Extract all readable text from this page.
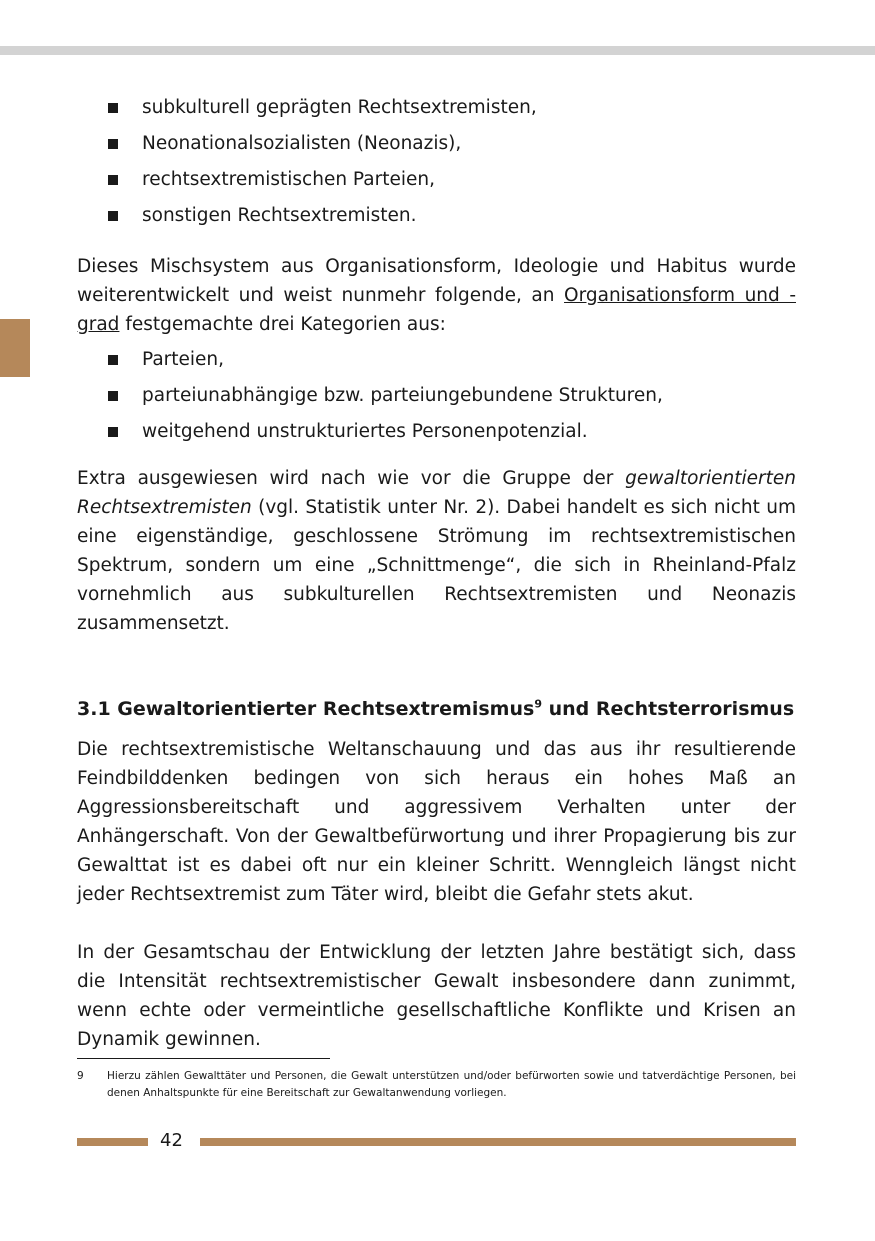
subkulturell geprägten Rechtsextremisten,
Neonationalsozialisten (Neonazis),
rechtsextremistischen Parteien,
sonstigen Rechtsextremisten.

Dieses Mischsystem aus Organisationsform, Ideologie und Habitus wurde weiterentwickelt und weist nunmehr folgende, an Organisationsform und -grad festgemachte drei Kategorien aus:

Parteien,
parteiunabhängige bzw. parteiungebundene Strukturen,
weitgehend unstrukturiertes Personenpotenzial.

Extra ausgewiesen wird nach wie vor die Gruppe der gewaltorientierten Rechtsextremisten (vgl. Statistik unter Nr. 2). Dabei handelt es sich nicht um eine eigenständige, geschlossene Strömung im rechtsextremistischen Spektrum, sondern um eine „Schnittmenge“, die sich in Rheinland-Pfalz vornehmlich aus subkulturellen Rechtsextremisten und Neonazis zusammensetzt.

3.1 Gewaltorientierter Rechtsextremismus$^9$ und Rechtsterrorismus

Die rechtsextremistische Weltanschauung und das aus ihr resultierende Feindbilddenken bedingen von sich heraus ein hohes Maß an Aggressionsbereitschaft und aggressivem Verhalten unter der Anhängerschaft. Von der Gewaltbefürwortung und ihrer Propagierung bis zur Gewalttat ist es dabei oft nur ein kleiner Schritt. Wenngleich längst nicht jeder Rechtsextremist zum Täter wird, bleibt die Gefahr stets akut.

In der Gesamtschau der Entwicklung der letzten Jahre bestätigt sich, dass die Intensität rechtsextremistischer Gewalt insbesondere dann zunimmt, wenn echte oder vermeintliche gesellschaftliche Konflikte und Krisen an Dynamik gewinnen.

9 Hierzu zählen Gewalttäter und Personen, die Gewalt unterstützen und/oder befürworten sowie und tatverdächtige Personen, bei denen Anhaltspunkte für eine Bereitschaft zur Gewaltanwendung vorliegen.
42
